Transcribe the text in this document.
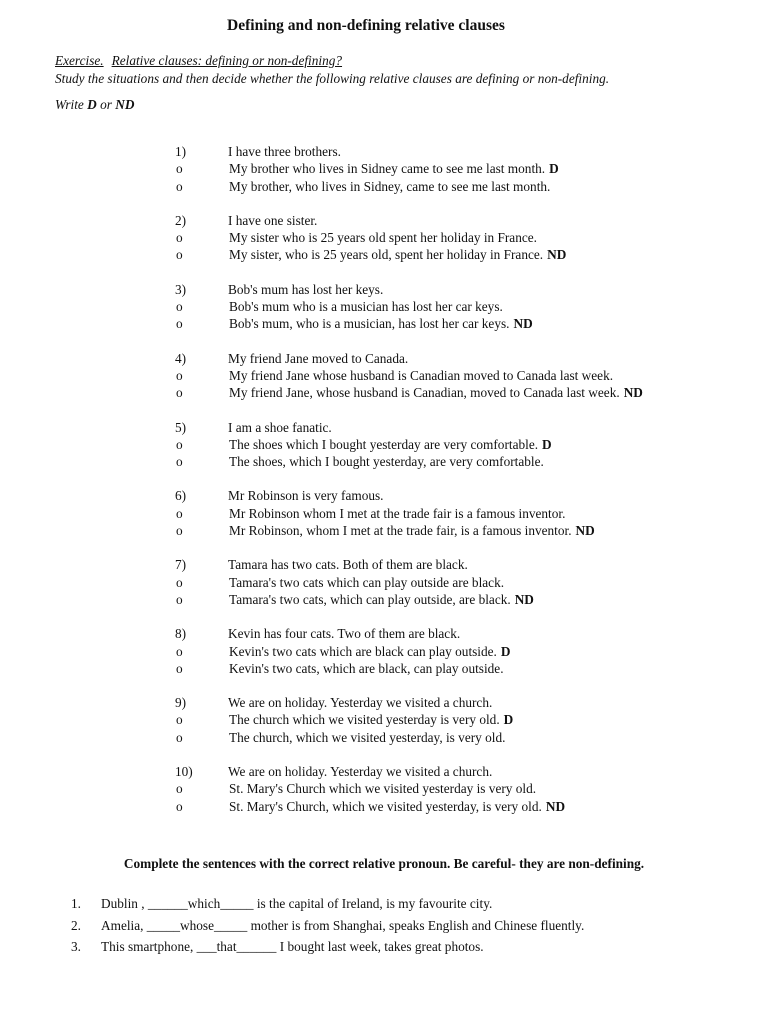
Defining and non-defining relative clauses
Exercise. Relative clauses: defining or non-defining?
Study the situations and then decide whether the following relative clauses are defining or non-defining.
Write D or ND
1)	I have three brothers.
o	My brother who lives in Sidney came to see me last month. D
o	My brother, who lives in Sidney, came to see me last month.
2)	I have one sister.
o	My sister who is 25 years old spent her holiday in France.
o	My sister, who is 25 years old, spent her holiday in France. ND
3)	Bob's mum has lost her keys.
o	Bob's mum who is a musician has lost her car keys.
o	Bob's mum, who is a musician, has lost her car keys. ND
4)	My friend Jane moved to Canada.
o	My friend Jane whose husband is Canadian moved to Canada last week.
o	My friend Jane, whose husband is Canadian, moved to Canada last week. ND
5)	I am a shoe fanatic.
o	The shoes which I bought yesterday are very comfortable. D
o	The shoes, which I bought yesterday, are very comfortable.
6)	Mr Robinson is very famous.
o	Mr Robinson whom I met at the trade fair is a famous inventor.
o	Mr Robinson, whom I met at the trade fair, is a famous inventor. ND
7)	Tamara has two cats. Both of them are black.
o	Tamara's two cats which can play outside are black.
o	Tamara's two cats, which can play outside, are black. ND
8)	Kevin has four cats. Two of them are black.
o	Kevin's two cats which are black can play outside. D
o	Kevin's two cats, which are black, can play outside.
9)	We are on holiday. Yesterday we visited a church.
o	The church which we visited yesterday is very old. D
o	The church, which we visited yesterday, is very old.
10)	We are on holiday. Yesterday we visited a church.
o	St. Mary's Church which we visited yesterday is very old.
o	St. Mary's Church, which we visited yesterday, is very old. ND
Complete the sentences with the correct relative pronoun. Be careful- they are non-defining.
1.	Dublin , ______which_____ is the capital of Ireland, is my favourite city.
2.	Amelia, _____whose_____ mother is from Shanghai, speaks English and Chinese fluently.
3.	This smartphone, ___that______ I bought last week, takes great photos.
